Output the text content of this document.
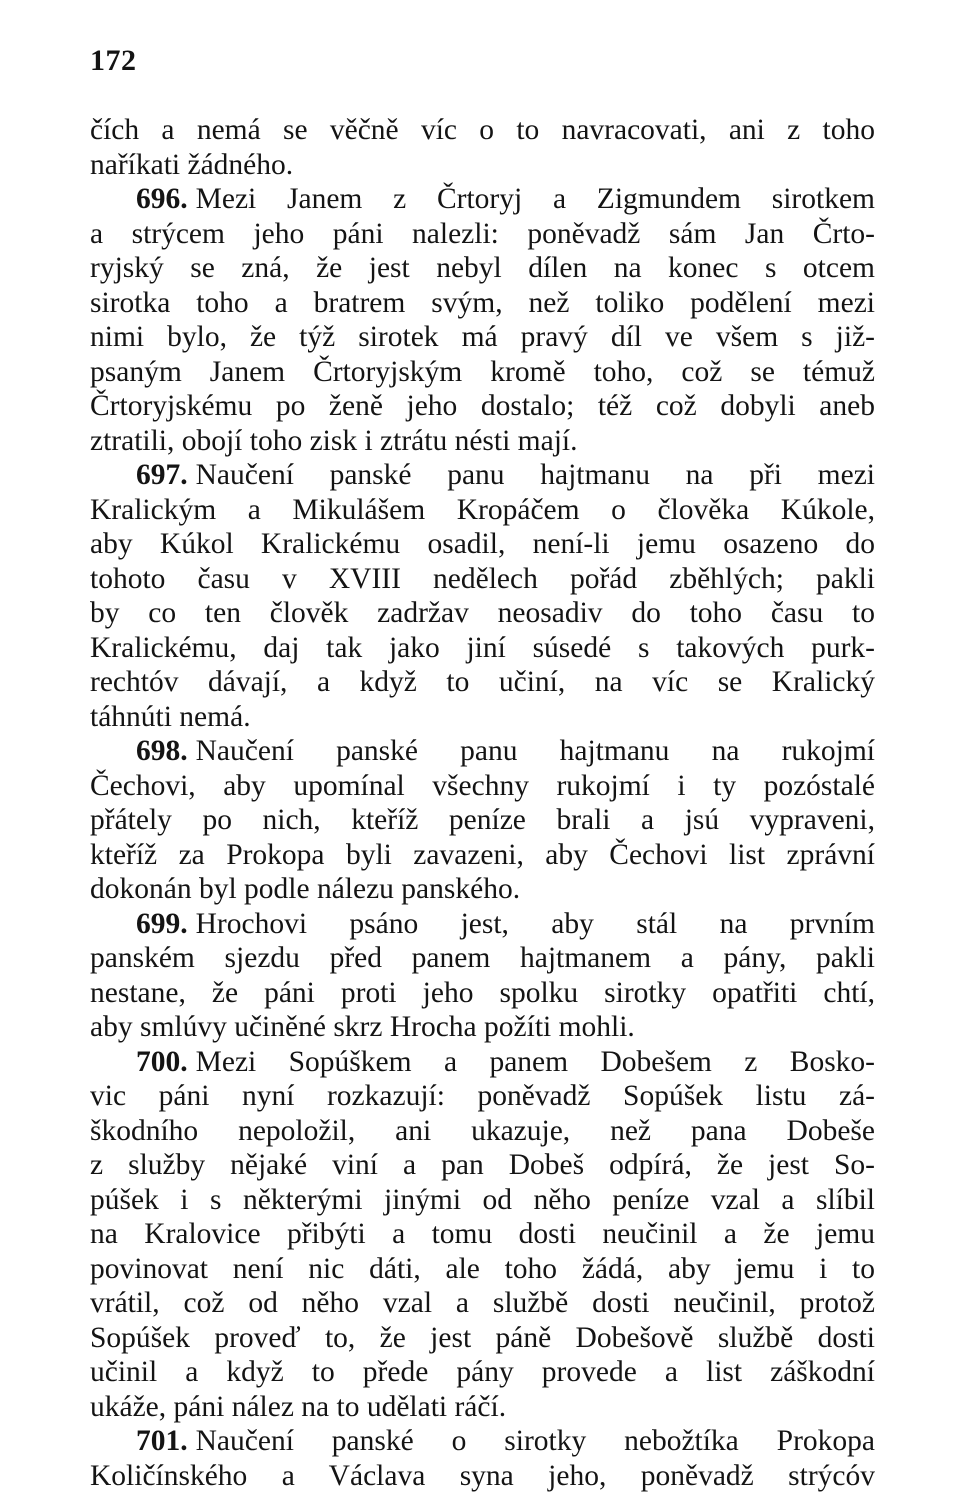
172
čích a nemá se věčně víc o to navracovati, ani z toho
naříkati žádného.
696. Mezi Janem z Črtoryj a Zigmundem sirotkem
a strýcem jeho páni nalezli: poněvadž sám Jan Črto-
ryjský se zná, že jest nebyl dílen na konec s otcem
sirotka toho a bratrem svým, než toliko podělení mezi
nimi bylo, že týž sirotek má pravý díl ve všem s již-
psaným Janem Črtoryjským kromě toho, což se témuž
Črtoryjskému po ženě jeho dostalo; též což dobyli aneb
ztratili, obojí toho zisk i ztrátu nésti mají.
697. Naučení panské panu hajtmanu na při mezi
Kralickým a Mikulášem Kropáčem o člověka Kúkole,
aby Kúkol Kralickému osadil, není-li jemu osazeno do
tohoto času v XVIII nedělech pořád zběhlých; pakli
by co ten člověk zadržav neosadiv do toho času to
Kralickému, daj tak jako jiní súsedé s takových purk-
rechtóv dávají, a když to učiní, na víc se Kralický
táhnúti nemá.
698. Naučení panské panu hajtmanu na rukojmí
Čechovi, aby upomínal všechny rukojmí i ty pozóstalé
přátely po nich, kteříž peníze brali a jsú vypraveni,
kteříž za Prokopa byli zavazeni, aby Čechovi list zprávní
dokonán byl podle nálezu panského.
699. Hrochovi psáno jest, aby stál na prvním
panském sjezdu před panem hajtmanem a pány, pakli
nestane, že páni proti jeho spolku sirotky opatřiti chtí,
aby smlúvy učiněné skrz Hrocha požíti mohli.
700. Mezi Sopúškem a panem Dobešem z Bosko-
vic páni nyní rozkazují: poněvadž Sopúšek listu zá-
škodního nepoložil, ani ukazuje, než pana Dobeše
z služby nějaké viní a pan Dobeš odpírá, že jest So-
púšek i s některými jinými od něho peníze vzal a slíbil
na Kralovice přibýti a tomu dosti neučinil a že jemu
povinovat není nic dáti, ale toho žádá, aby jemu i to
vrátil, což od něho vzal a službě dosti neučinil, protož
Sopúšek proveď to, že jest páně Dobešově službě dosti
učinil a když to přede pány provede a list záškodní
ukáže, páni nález na to udělati ráčí.
701. Naučení panské o sirotky nebožtíka Prokopa
Količínského a Václava syna jeho, poněvadž strýcóv
